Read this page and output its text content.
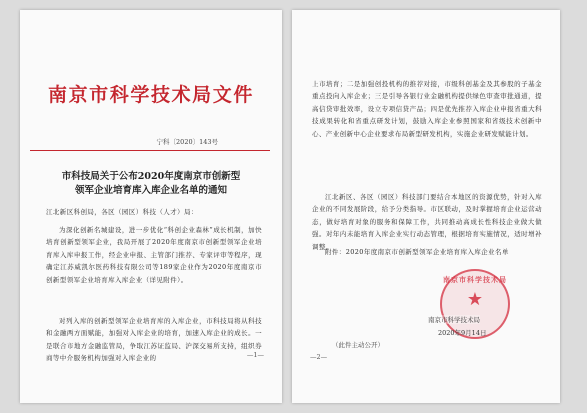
南京市科学技术局文件
宁科〔2020〕143号

市科技局关于公布2020年度南京市创新型
领军企业培育库入库企业名单的通知

江北新区科创局，各区（园区）科技（人才）局：

为深化创新名城建设，进一步优化“科创企业森林”成长机制，加快培育创新型领军企业，我局开展了2020年度南京市创新型领军企业培育库入库申报工作，经企业申报、主管部门推荐、专家评审等程序，现确定江苏威凯尔医药科技有限公司等189家企业作为2020年度南京市创新型领军企业培育库入库企业（详见附件）。

对列入库的创新型领军企业培育库的入库企业，市科技局将从科技和金融两方面赋能，加强对入库企业的培育，加速入库企业的成长。一是联合市地方金融监管局，争取江苏证监局、沪深交易所支持，组织券商等中介服务机构加强对入库企业的	—1—

上市培育；二是加强创投机构的推荐对接，市级科创基金及其参股的子基金重点投向入库企业；三是引导各银行业金融机构提供绿色审查审批通道，提高信贷审批效率，设立专项信贷产品；四是优先推荐入库企业申报省重大科技成果转化和省重点研发计划，鼓励入库企业参照国家和省级技术创新中心、产业创新中心企业要求布局新型研发机构，实施企业研发赋能计划。

江北新区、各区（园区）科技部门要结合本地区的资源优势，针对入库企业的不同发展阶段，给予分类指导。市区联动，及时掌握培育企业运营动态，做好培育对象的服务和保障工作，共同推动高成长性科技企业做大做强。对年内未能培育入库企业实行动态管理，根据培育实施情况，适时增补调整。

附件：2020年度南京市创新型领军企业培育库入库企业名单

南京市科学技术局
★
南京市科学技术局
2020年9月14日
（此件主动公开）
—2—
